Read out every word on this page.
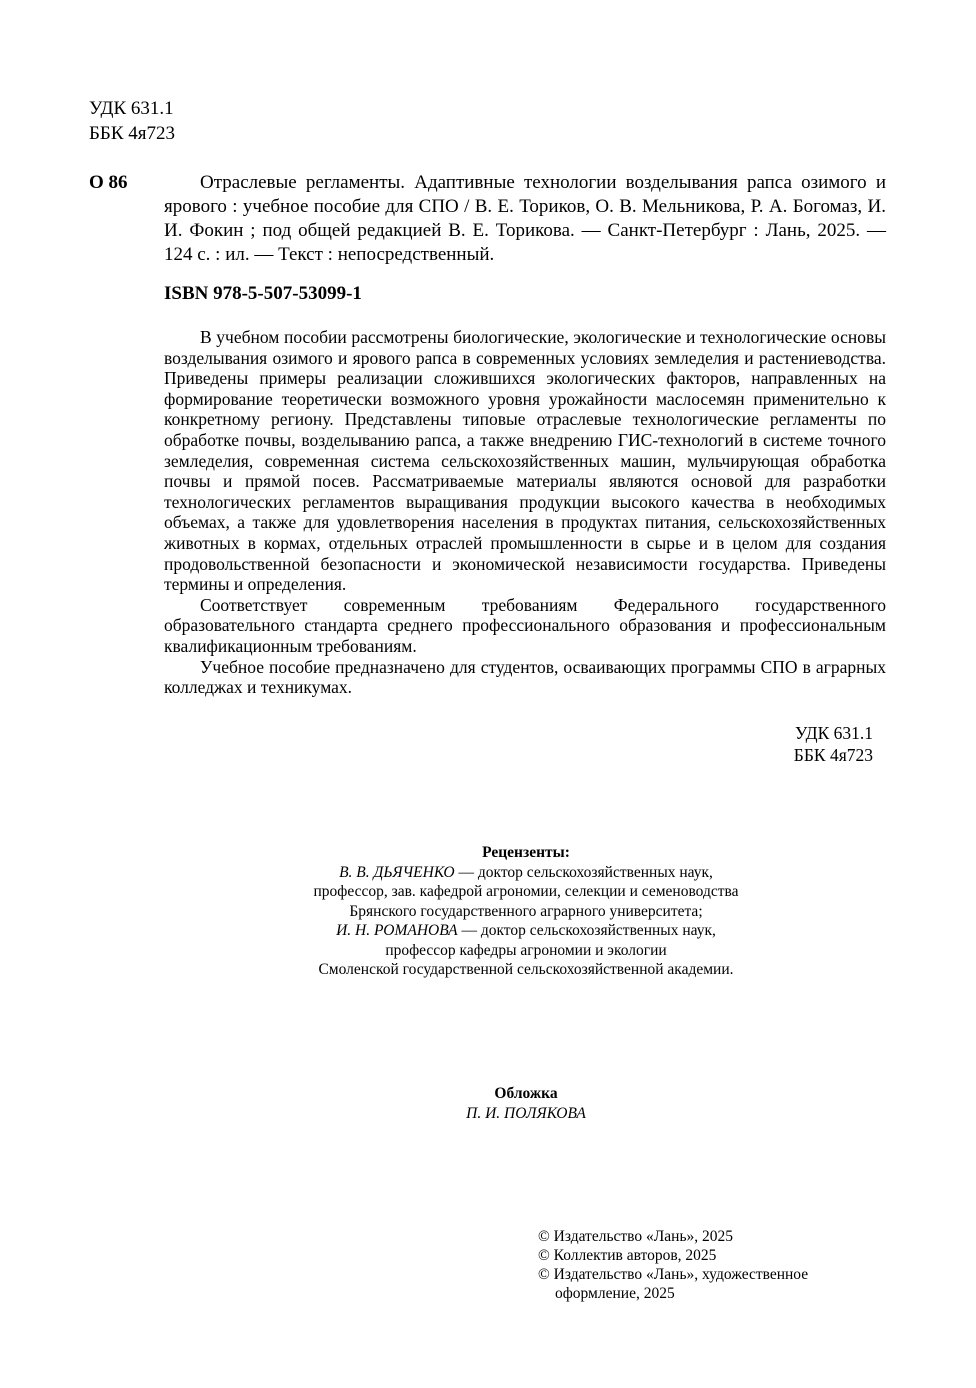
УДК 631.1
ББК 4я723
О 86	Отраслевые регламенты. Адаптивные технологии возделывания рапса озимого и ярового : учебное пособие для СПО / В. Е. Ториков, О. В. Мельникова, Р. А. Богомаз, И. И. Фокин ; под общей редакцией В. Е. Торикова. — Санкт-Петербург : Лань, 2025. — 124 с. : ил. — Текст : непосредственный.
ISBN 978-5-507-53099-1

В учебном пособии рассмотрены биологические, экологические и технологические основы возделывания озимого и ярового рапса в современных условиях земледелия и растениеводства. Приведены примеры реализации сложившихся экологических факторов, направленных на формирование теоретически возможного уровня урожайности маслосемян применительно к конкретному региону. Представлены типовые отраслевые технологические регламенты по обработке почвы, возделыванию рапса, а также внедрению ГИС-технологий в системе точного земледелия, современная система сельскохозяйственных машин, мульчирующая обработка почвы и прямой посев. Рассматриваемые материалы являются основой для разработки технологических регламентов выращивания продукции высокого качества в необходимых объемах, а также для удовлетворения населения в продуктах питания, сельскохозяйственных животных в кормах, отдельных отраслей промышленности в сырье и в целом для создания продовольственной безопасности и экономической независимости государства. Приведены термины и определения.

Соответствует современным требованиям Федерального государственного образовательного стандарта среднего профессионального образования и профессиональным квалификационным требованиям.

Учебное пособие предназначено для студентов, осваивающих программы СПО в аграрных колледжах и техникумах.

УДК 631.1
ББК 4я723
Рецензенты:
В. В. ДЬЯЧЕНКО — доктор сельскохозяйственных наук,
профессор, зав. кафедрой агрономии, селекции и семеноводства
Брянского государственного аграрного университета;
И. Н. РОМАНОВА — доктор сельскохозяйственных наук,
профессор кафедры агрономии и экологии
Смоленской государственной сельскохозяйственной академии.
Обложка
П. И. ПОЛЯКОВА
© Издательство «Лань», 2025
© Коллектив авторов, 2025
© Издательство «Лань», художественное
оформление, 2025
